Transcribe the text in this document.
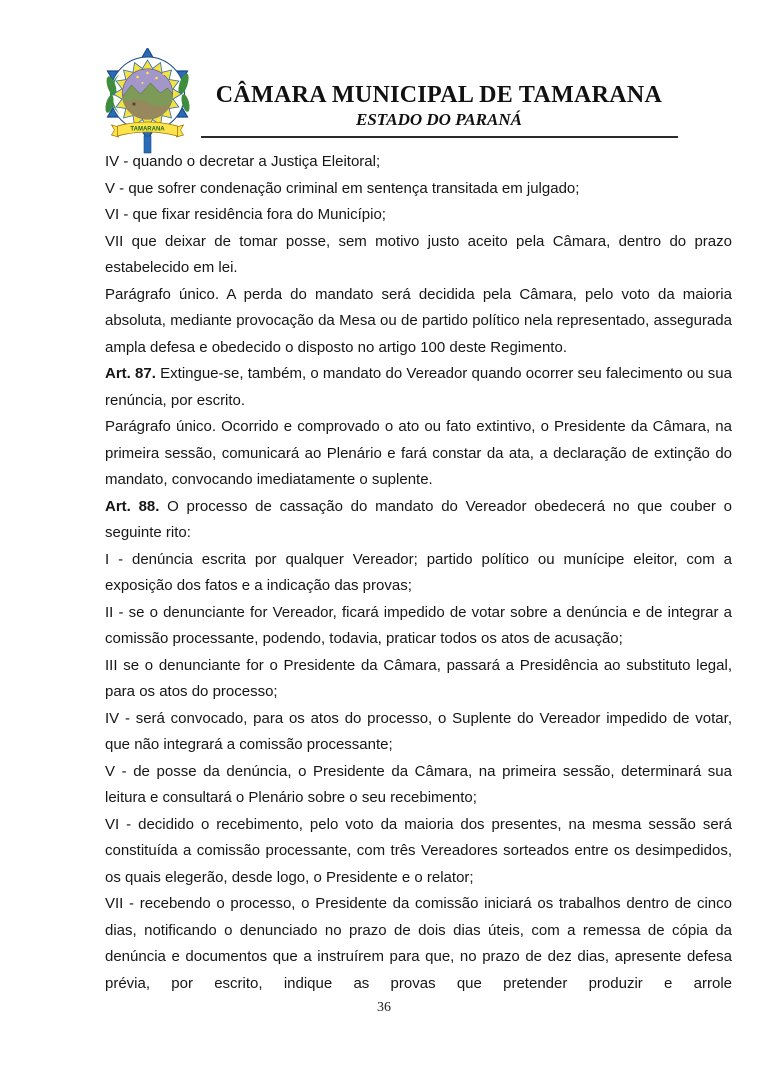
TAMARANA
CÂMARA MUNICIPAL DE TAMARANA
ESTADO DO PARANÁ

IV - quando o decretar a Justiça Eleitoral;

V - que sofrer condenação criminal em sentença transitada em julgado;

VI - que fixar residência fora do Município;

VII que deixar de tomar posse, sem motivo justo aceito pela Câmara, dentro do prazo estabelecido em lei.

Parágrafo único. A perda do mandato será decidida pela Câmara, pelo voto da maioria absoluta, mediante provocação da Mesa ou de partido político nela representado, assegurada ampla defesa e obedecido o disposto no artigo 100 deste Regimento.

Art. 87. Extingue-se, também, o mandato do Vereador quando ocorrer seu falecimento ou sua renúncia, por escrito.

Parágrafo único. Ocorrido e comprovado o ato ou fato extintivo, o Presidente da Câmara, na primeira sessão, comunicará ao Plenário e fará constar da ata, a declaração de extinção do mandato, convocando imediatamente o suplente.

Art. 88. O processo de cassação do mandato do Vereador obedecerá no que couber o seguinte rito:

I - denúncia escrita por qualquer Vereador; partido político ou munícipe eleitor, com a exposição dos fatos e a indicação das provas;

II - se o denunciante for Vereador, ficará impedido de votar sobre a denúncia e de integrar a comissão processante, podendo, todavia, praticar todos os atos de acusação;

III se o denunciante for o Presidente da Câmara, passará a Presidência ao substituto legal, para os atos do processo;

IV - será convocado, para os atos do processo, o Suplente do Vereador impedido de votar, que não integrará a comissão processante;

V - de posse da denúncia, o Presidente da Câmara, na primeira sessão, determinará sua leitura e consultará o Plenário sobre o seu recebimento;

VI - decidido o recebimento, pelo voto da maioria dos presentes, na mesma sessão será constituída a comissão processante, com três Vereadores sorteados entre os desimpedidos, os quais elegerão, desde logo, o Presidente e o relator;

VII - recebendo o processo, o Presidente da comissão iniciará os trabalhos dentro de cinco dias, notificando o denunciado no prazo de dois dias úteis, com a remessa de cópia da denúncia e documentos que a instruírem para que, no prazo de dez dias, apresente defesa prévia, por escrito, indique as provas que pretender produzir e arrole

36
